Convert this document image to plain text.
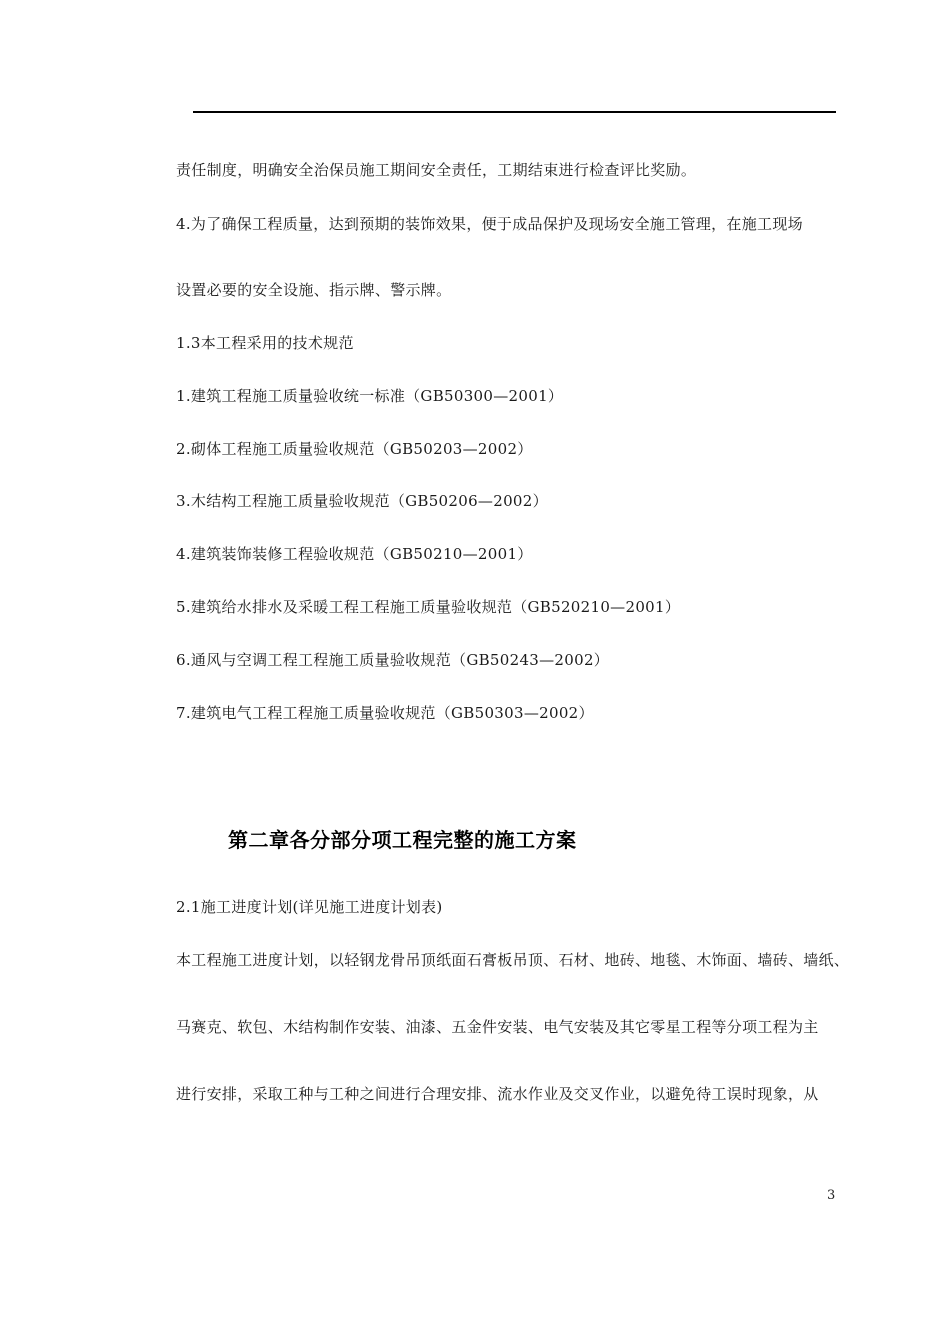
责任制度，明确安全治保员施工期间安全责任，工期结束进行检查评比奖励。
4.为了确保工程质量，达到预期的装饰效果，便于成品保护及现场安全施工管理，在施工现场
设置必要的安全设施、指示牌、警示牌。
1.3本工程采用的技术规范
1.建筑工程施工质量验收统一标准（GB50300—2001）
2.砌体工程施工质量验收规范（GB50203—2002）
3.木结构工程施工质量验收规范（GB50206—2002）
4.建筑装饰装修工程验收规范（GB50210—2001）
5.建筑给水排水及采暖工程工程施工质量验收规范（GB520210—2001）
6.通风与空调工程工程施工质量验收规范（GB50243—2002）
7.建筑电气工程工程施工质量验收规范（GB50303—2002）
第二章各分部分项工程完整的施工方案
2.1施工进度计划(详见施工进度计划表)
本工程施工进度计划，以轻钢龙骨吊顶纸面石膏板吊顶、石材、地砖、地毯、木饰面、墙砖、墙纸、
马赛克、软包、木结构制作安装、油漆、五金件安装、电气安装及其它零星工程等分项工程为主
进行安排，采取工种与工种之间进行合理安排、流水作业及交叉作业，以避免待工误时现象，从
3
